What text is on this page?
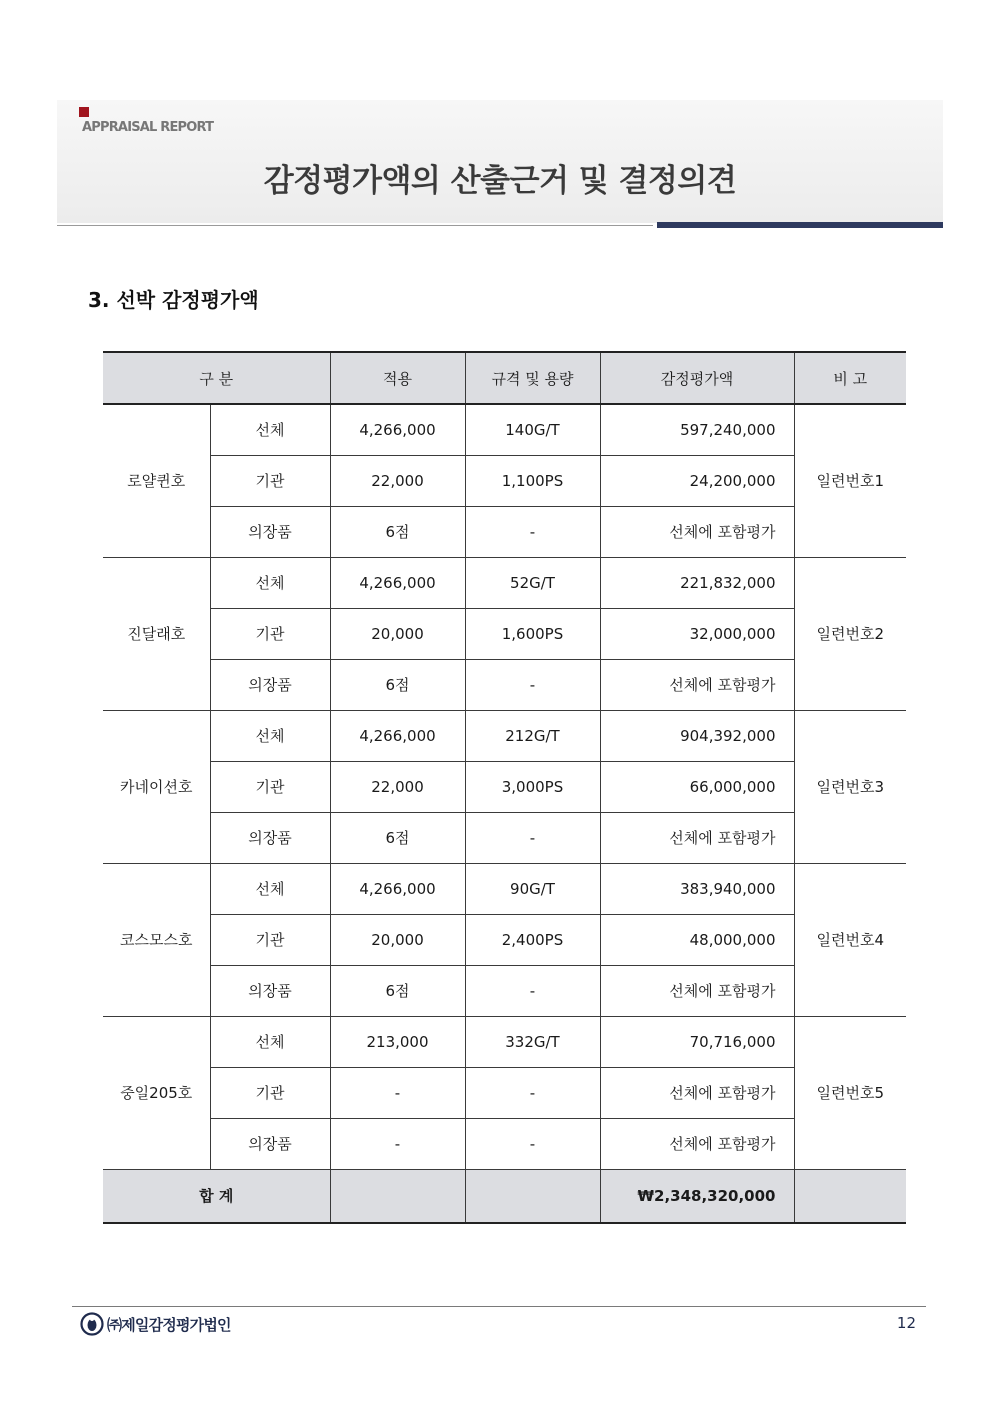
APPRAISAL REPORT
감정평가액의 산출근거 및 결정의견
3. 선박 감정평가액
구 분		적용	규격 및 용량	감정평가액	비 고
로얄퀸호	선체	4,266,000	140G/T	597,240,000	일련번호1
	기관	22,000	1,100PS	24,200,000	
	의장품	6점	-	선체에 포함평가	
진달래호	선체	4,266,000	52G/T	221,832,000	일련번호2
	기관	20,000	1,600PS	32,000,000	
	의장품	6점	-	선체에 포함평가	
카네이션호	선체	4,266,000	212G/T	904,392,000	일련번호3
	기관	22,000	3,000PS	66,000,000	
	의장품	6점	-	선체에 포함평가	
코스모스호	선체	4,266,000	90G/T	383,940,000	일련번호4
	기관	20,000	2,400PS	48,000,000	
	의장품	6점	-	선체에 포함평가	
중일205호	선체	213,000	332G/T	70,716,000	일련번호5
	기관	-	-	선체에 포함평가	
	의장품	-	-	선체에 포함평가	
합 계				₩2,348,320,000	
㈜제일감정평가법인	12
